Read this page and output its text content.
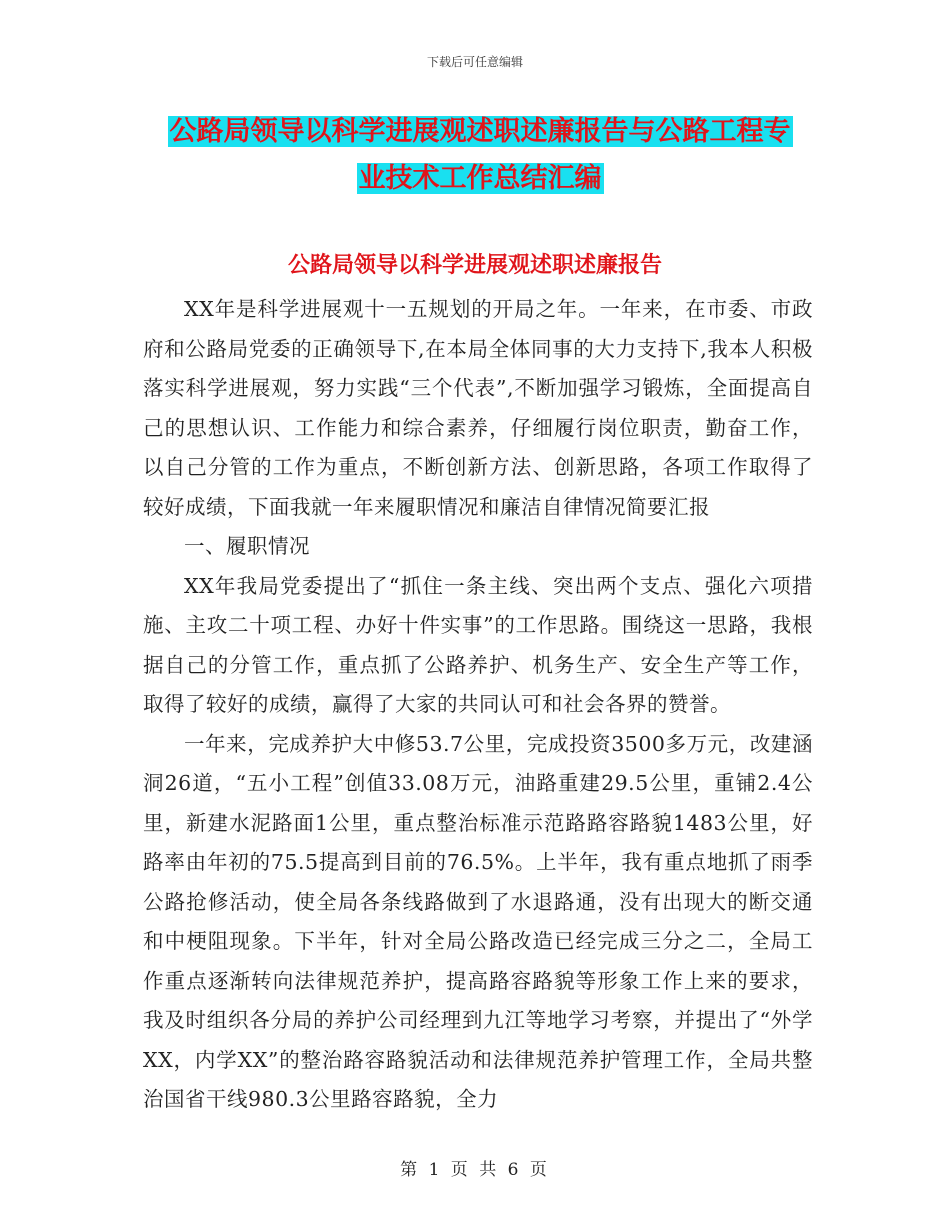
下载后可任意编辑
公路局领导以科学进展观述职述廉报告与公路工程专
业技术工作总结汇编
公路局领导以科学进展观述职述廉报告

XX年是科学进展观十一五规划的开局之年。一年来，在市委、市政府和公路局党委的正确领导下,在本局全体同事的大力支持下,我本人积极落实科学进展观，努力实践“三个代表”,不断加强学习锻炼，全面提高自己的思想认识、工作能力和综合素养，仔细履行岗位职责，勤奋工作，以自己分管的工作为重点，不断创新方法、创新思路，各项工作取得了较好成绩，下面我就一年来履职情况和廉洁自律情况简要汇报

一、履职情况

XX年我局党委提出了“抓住一条主线、突出两个支点、强化六项措施、主攻二十项工程、办好十件实事”的工作思路。围绕这一思路，我根据自己的分管工作，重点抓了公路养护、机务生产、安全生产等工作，取得了较好的成绩，赢得了大家的共同认可和社会各界的赞誉。

一年来，完成养护大中修53.7公里，完成投资3500多万元，改建涵洞26道，“五小工程”创值33.08万元，油路重建29.5公里，重铺2.4公里，新建水泥路面1公里，重点整治标准示范路路容路貌1483公里，好路率由年初的75.5提高到目前的76.5%。上半年，我有重点地抓了雨季公路抢修活动，使全局各条线路做到了水退路通，没有出现大的断交通和中梗阻现象。下半年，针对全局公路改造已经完成三分之二，全局工作重点逐渐转向法律规范养护，提高路容路貌等形象工作上来的要求，我及时组织各分局的养护公司经理到九江等地学习考察，并提出了“外学XX，内学XX”的整治路容路貌活动和法律规范养护管理工作，全局共整治国省干线980.3公里路容路貌，全力

第 1 页 共 6 页
